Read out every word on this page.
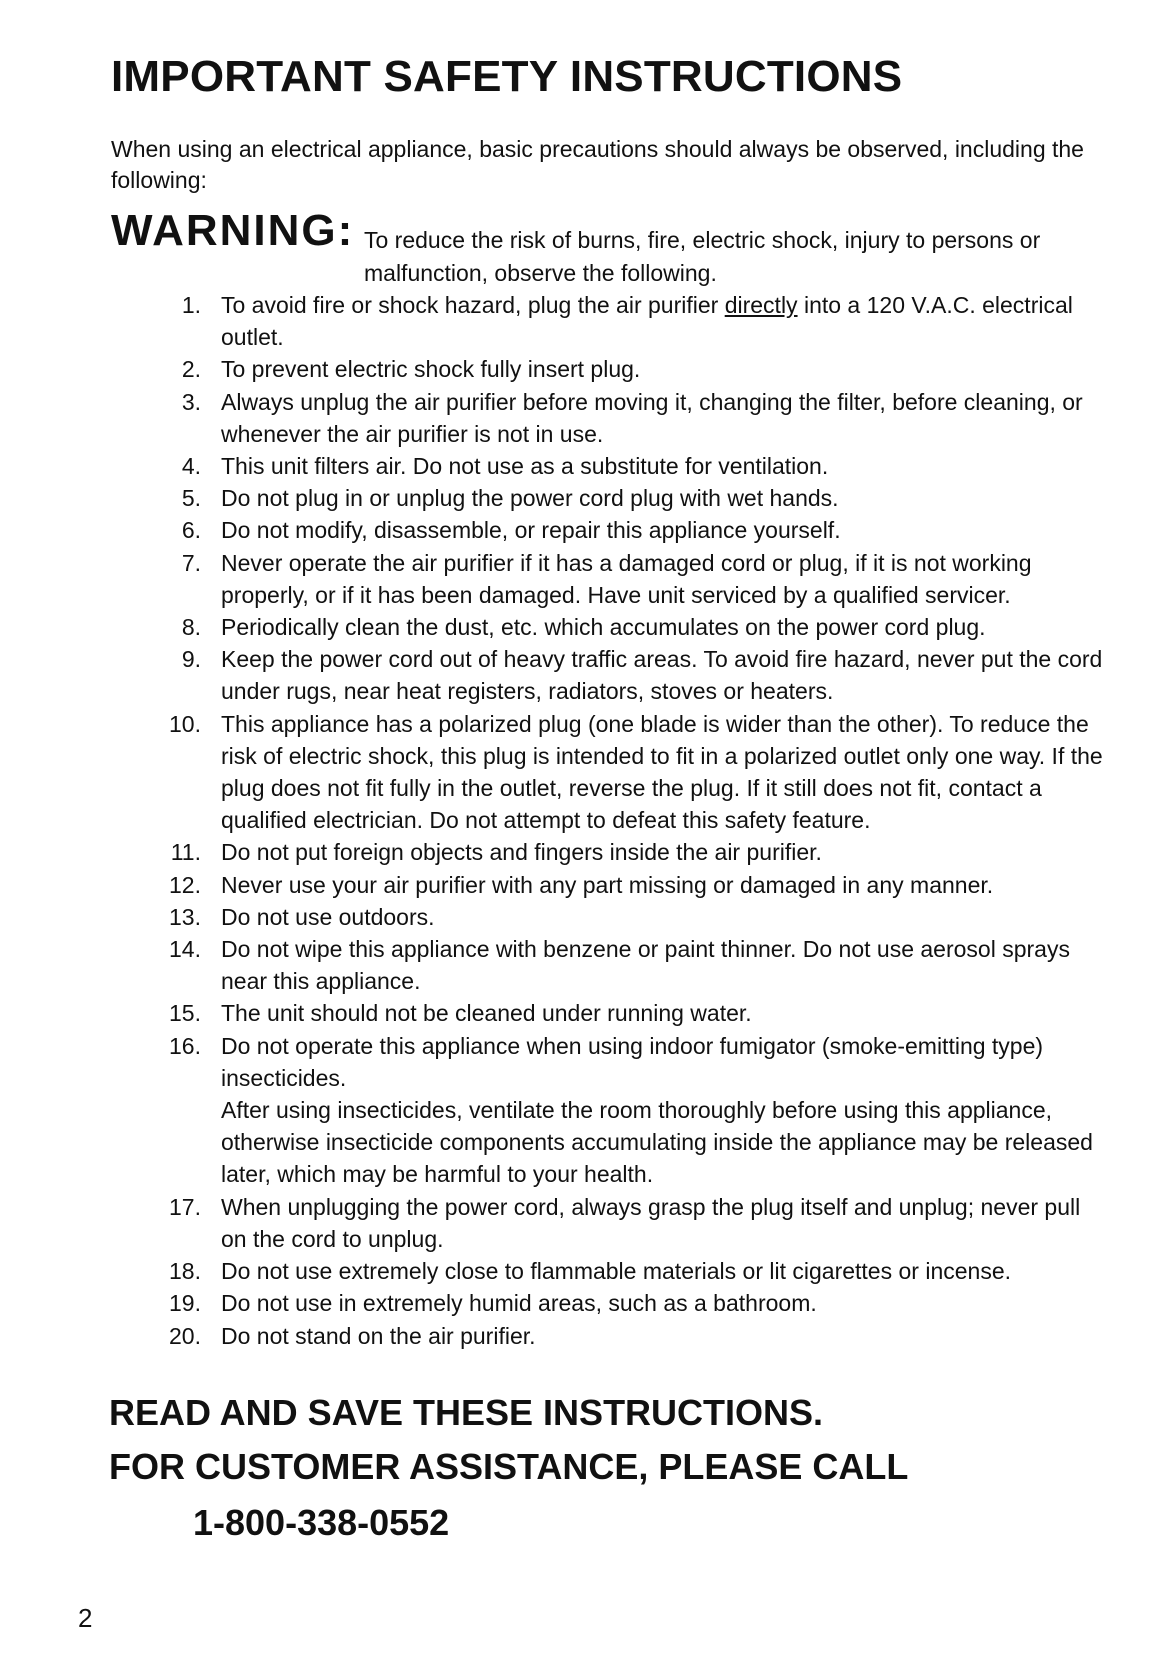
IMPORTANT SAFETY INSTRUCTIONS
When using an electrical appliance, basic precautions should always be observed, including the following:
WARNING: To reduce the risk of burns, fire, electric shock, injury to persons or malfunction, observe the following.
1. To avoid fire or shock hazard, plug the air purifier directly into a 120 V.A.C. electrical outlet.
2. To prevent electric shock fully insert plug.
3. Always unplug the air purifier before moving it, changing the filter, before cleaning, or whenever the air purifier is not in use.
4. This unit filters air. Do not use as a substitute for ventilation.
5. Do not plug in or unplug the power cord plug with wet hands.
6. Do not modify, disassemble, or repair this appliance yourself.
7. Never operate the air purifier if it has a damaged cord or plug, if it is not working properly, or if it has been damaged. Have unit serviced by a qualified servicer.
8. Periodically clean the dust, etc. which accumulates on the power cord plug.
9. Keep the power cord out of heavy traffic areas. To avoid fire hazard, never put the cord under rugs, near heat registers, radiators, stoves or heaters.
10. This appliance has a polarized plug (one blade is wider than the other). To reduce the risk of electric shock, this plug is intended to fit in a polarized outlet only one way. If the plug does not fit fully in the outlet, reverse the plug. If it still does not fit, contact a qualified electrician. Do not attempt to defeat this safety feature.
11. Do not put foreign objects and fingers inside the air purifier.
12. Never use your air purifier with any part missing or damaged in any manner.
13. Do not use outdoors.
14. Do not wipe this appliance with benzene or paint thinner. Do not use aerosol sprays near this appliance.
15. The unit should not be cleaned under running water.
16. Do not operate this appliance when using indoor fumigator (smoke-emitting type) insecticides.
After using insecticides, ventilate the room thoroughly before using this appliance, otherwise insecticide components accumulating inside the appliance may be released later, which may be harmful to your health.
17. When unplugging the power cord, always grasp the plug itself and unplug; never pull on the cord to unplug.
18. Do not use extremely close to flammable materials or lit cigarettes or incense.
19. Do not use in extremely humid areas, such as a bathroom.
20. Do not stand on the air purifier.
READ AND SAVE THESE INSTRUCTIONS.
FOR CUSTOMER ASSISTANCE, PLEASE CALL
1-800-338-0552
2
